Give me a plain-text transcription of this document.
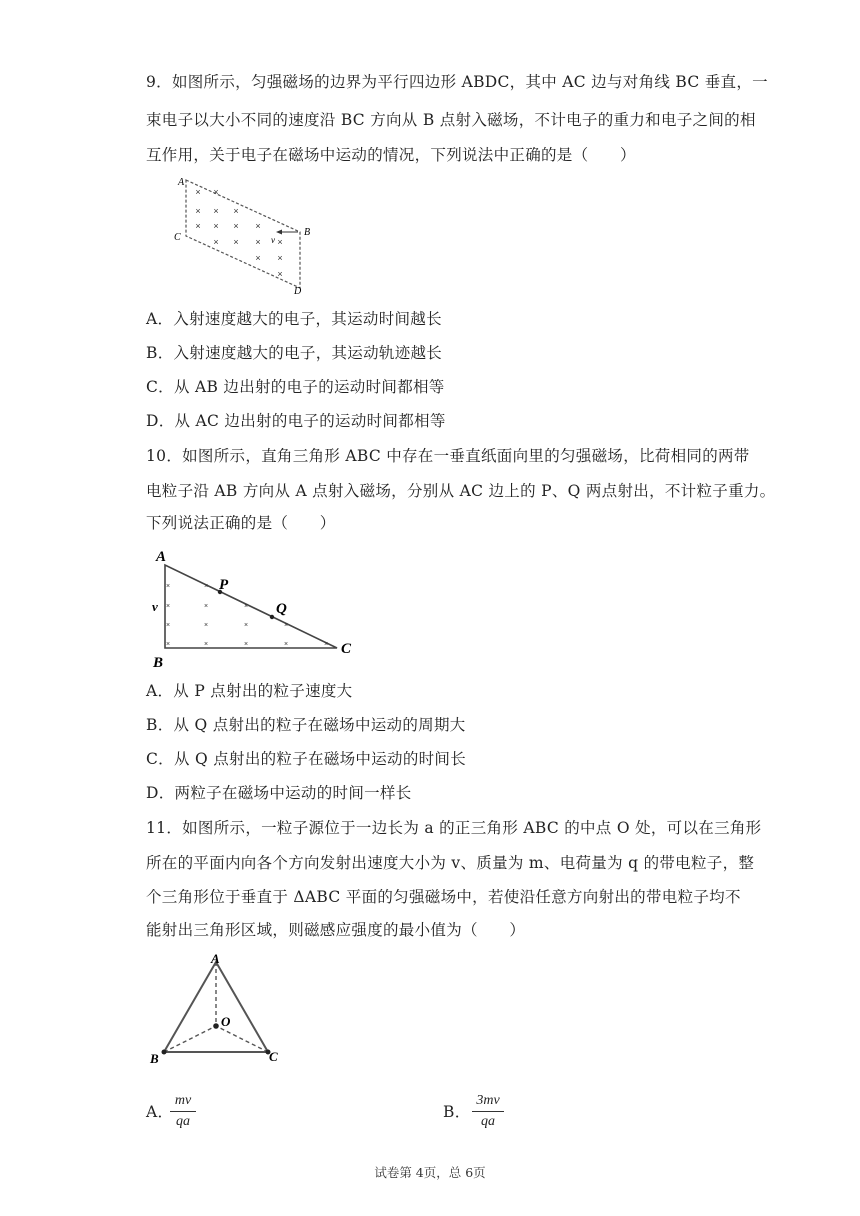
9．如图所示，匀强磁场的边界为平行四边形 ABDC，其中 AC 边与对角线 BC 垂直，一
束电子以大小不同的速度沿 BC 方向从 B 点射入磁场，不计电子的重力和电子之间的相
互作用，关于电子在磁场中运动的情况，下列说法中正确的是（　　）
× ×
× × ×
× × × ×
× × × ×
× ×
×
A
B
C
D
v
A．入射速度越大的电子，其运动时间越长
B．入射速度越大的电子，其运动轨迹越长
C．从 AB 边出射的电子的运动时间都相等
D．从 AC 边出射的电子的运动时间都相等
10．如图所示，直角三角形 ABC 中存在一垂直纸面向里的匀强磁场，比荷相同的两带
电粒子沿 AB 方向从 A 点射入磁场，分别从 AC 边上的 P、Q 两点射出，不计粒子重力。
下列说法正确的是（　　）
×	×
×	×	×
×	×	×	×
×	×	×	×	×
A
B
C
P
Q
v
A．从 P 点射出的粒子速度大
B．从 Q 点射出的粒子在磁场中运动的周期大
C．从 Q 点射出的粒子在磁场中运动的时间长
D．两粒子在磁场中运动的时间一样长
11．如图所示，一粒子源位于一边长为 a 的正三角形 ABC 的中点 O 处，可以在三角形
所在的平面内向各个方向发射出速度大小为 v、质量为 m、电荷量为 q 的带电粒子，整
个三角形位于垂直于 ΔABC 平面的匀强磁场中，若使沿任意方向射出的带电粒子均不
能射出三角形区域，则磁感应强度的最小值为（　　）
A
B	C
O
A．
mv
qa
B．
3mv
qa
试卷第 4页，总 6页
